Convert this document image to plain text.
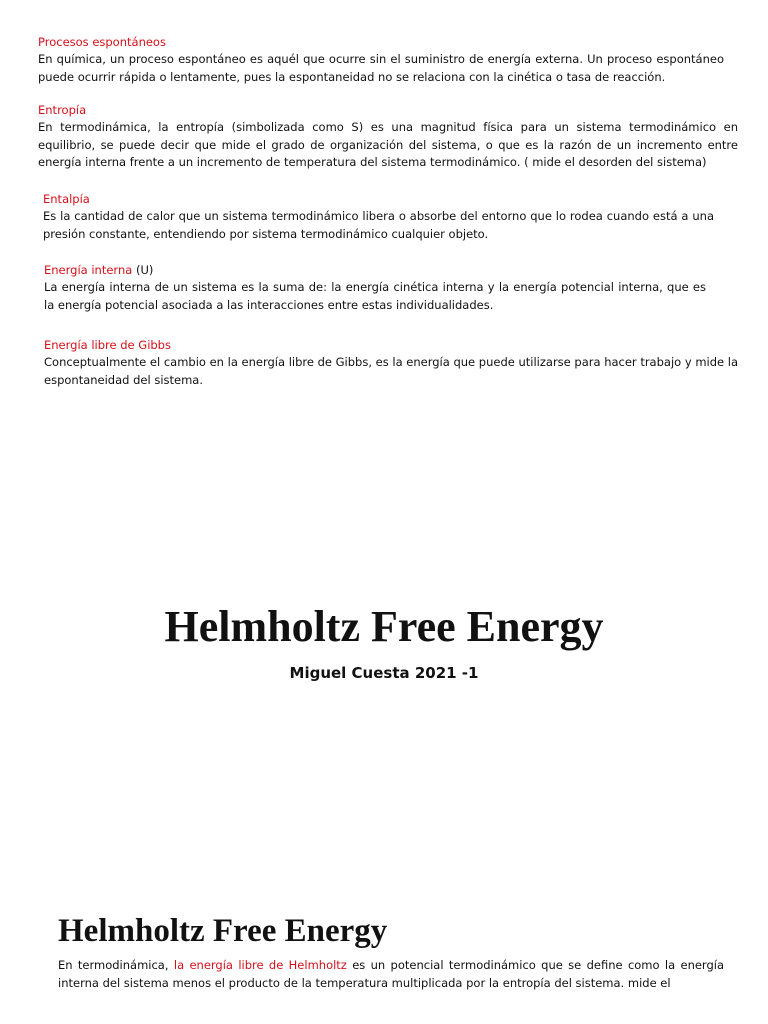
Procesos espontáneos

En química, un proceso espontáneo es aquél que ocurre sin el suministro de energía externa. Un proceso espontáneo puede ocurrir rápida o lentamente, pues la espontaneidad no se relaciona con la cinética o tasa de reacción.

Entropía

En termodinámica, la entropía (simbolizada como S) es una magnitud física para un sistema termodinámico en equilibrio, se puede decir que mide el grado de organización del sistema, o que es la razón de un incremento entre energía interna frente a un incremento de temperatura del sistema termodinámico. ( mide el desorden del sistema)

Entalpía

Es la cantidad de calor que un sistema termodinámico libera o absorbe del entorno que lo rodea cuando está a una presión constante, entendiendo por sistema termodinámico cualquier objeto.

Energía interna (U)

La energía interna de un sistema es la suma de: la energía cinética interna y la energía potencial interna, que es la energía potencial asociada a las interacciones entre estas individualidades.

Energía libre de Gibbs

Conceptualmente el cambio en la energía libre de Gibbs, es la energía que puede utilizarse para hacer trabajo y mide la espontaneidad del sistema.

Helmholtz Free Energy
Miguel Cuesta 2021 -1
Helmholtz Free Energy

En termodinámica, la energía libre de Helmholtz es un potencial termodinámico que se define como la energía interna del sistema menos el producto de la temperatura multiplicada por la entropía del sistema. mide el
